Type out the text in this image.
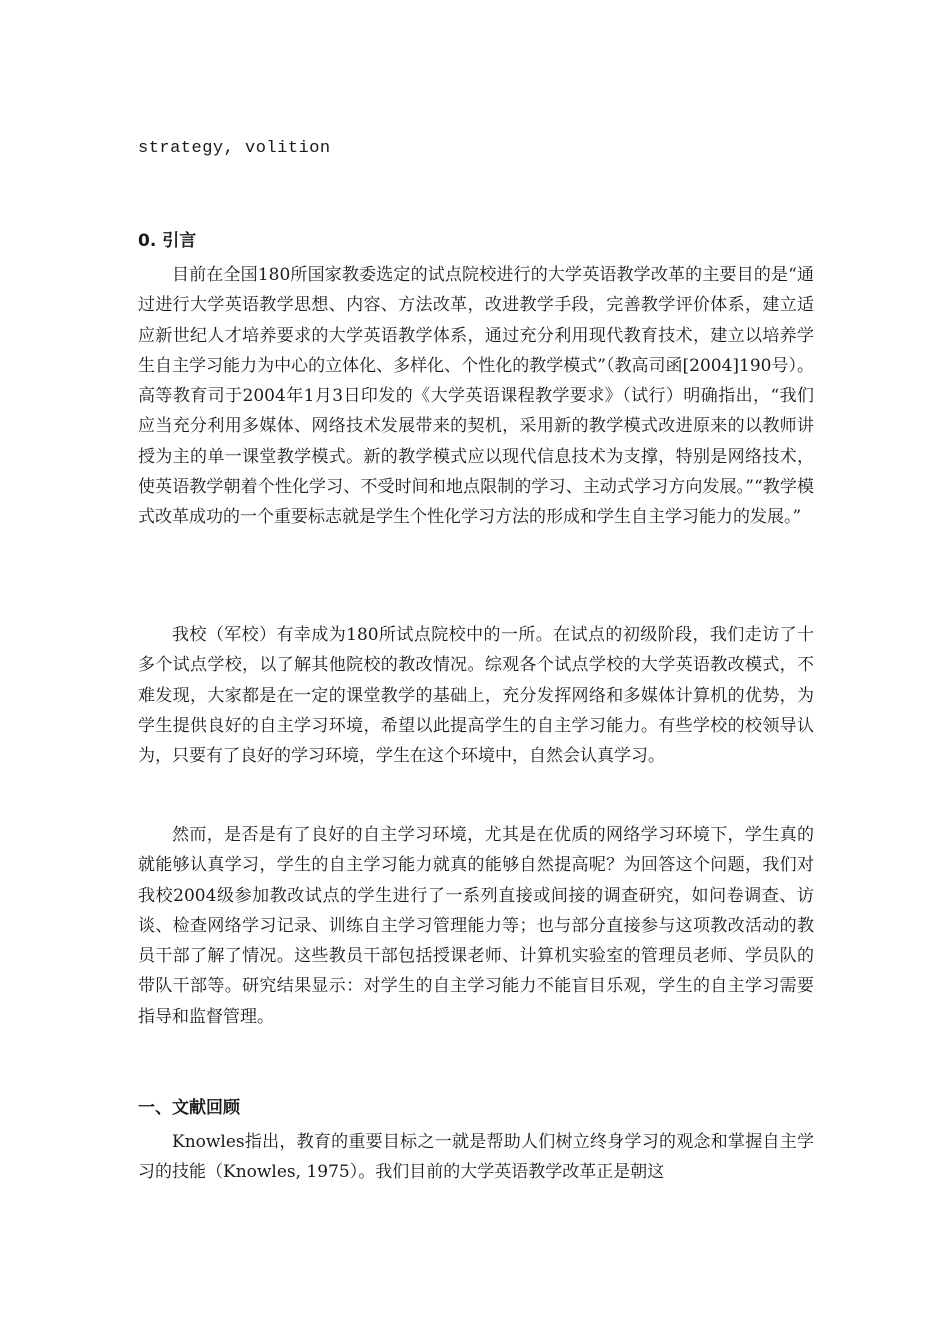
strategy, volition
0. 引言

目前在全国180所国家教委选定的试点院校进行的大学英语教学改革的主要目的是“通过进行大学英语教学思想、内容、方法改革，改进教学手段，完善教学评价体系，建立适应新世纪人才培养要求的大学英语教学体系，通过充分利用现代教育技术，建立以培养学生自主学习能力为中心的立体化、多样化、个性化的教学模式”（教高司函[2004]190号）。高等教育司于2004年1月3日印发的《大学英语课程教学要求》（试行）明确指出，“我们应当充分利用多媒体、网络技术发展带来的契机，采用新的教学模式改进原来的以教师讲授为主的单一课堂教学模式。新的教学模式应以现代信息技术为支撑，特别是网络技术，使英语教学朝着个性化学习、不受时间和地点限制的学习、主动式学习方向发展。”“教学模式改革成功的一个重要标志就是学生个性化学习方法的形成和学生自主学习能力的发展。”

我校（军校）有幸成为180所试点院校中的一所。在试点的初级阶段，我们走访了十多个试点学校，以了解其他院校的教改情况。综观各个试点学校的大学英语教改模式，不难发现，大家都是在一定的课堂教学的基础上，充分发挥网络和多媒体计算机的优势，为学生提供良好的自主学习环境，希望以此提高学生的自主学习能力。有些学校的校领导认为，只要有了良好的学习环境，学生在这个环境中，自然会认真学习。

然而，是否是有了良好的自主学习环境，尤其是在优质的网络学习环境下，学生真的就能够认真学习，学生的自主学习能力就真的能够自然提高呢？为回答这个问题，我们对我校2004级参加教改试点的学生进行了一系列直接或间接的调查研究，如问卷调查、访谈、检查网络学习记录、训练自主学习管理能力等；也与部分直接参与这项教改活动的教员干部了解了情况。这些教员干部包括授课老师、计算机实验室的管理员老师、学员队的带队干部等。研究结果显示：对学生的自主学习能力不能盲目乐观，学生的自主学习需要指导和监督管理。

一、文献回顾

Knowles指出，教育的重要目标之一就是帮助人们树立终身学习的观念和掌握自主学习的技能（Knowles, 1975）。我们目前的大学英语教学改革正是朝这
